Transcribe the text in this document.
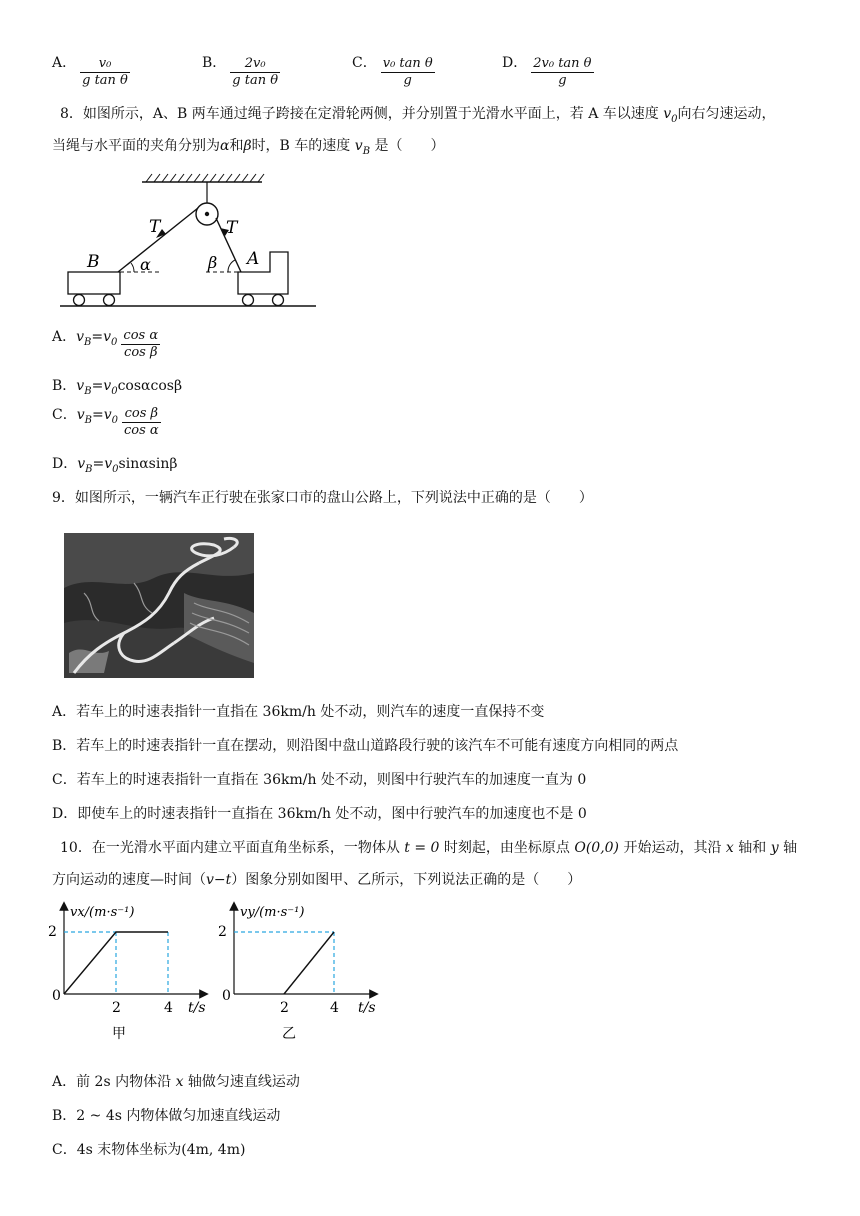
A． $\frac{\text{v₀}}{\text{g tan θ}}$	B． $\frac{\text{2v₀}}{\text{g tan θ}}$	C． $\frac{\text{v₀ tan θ}}{g}$	D． $\frac{\text{2v₀ tan θ}}{g}$
8．如图所示，A、B 两车通过绳子跨接在定滑轮两侧，并分别置于光滑水平面上，若 A 车以速度 $v_0$向右匀速运动，
当绳与水平面的夹角分别为α和β时，B 车的速度 $v_B$ 是（　　）
T	T
B	A
α	β
A．$v_B=v_0 \frac{\text{cos α}}{\text{cos β}}$
B．$v_B=v_0\cos\alpha\cos\beta$
C．$v_B=v_0 \frac{\text{cos β}}{\text{cos α}}$
D．$v_B=v_0\sin\alpha\sin\beta$
9．如图所示，一辆汽车正行驶在张家口市的盘山公路上，下列说法中正确的是（　　）
A．若车上的时速表指针一直指在 36km/h 处不动，则汽车的速度一直保持不变
B．若车上的时速表指针一直在摆动，则沿图中盘山道路段行驶的该汽车不可能有速度方向相同的两点
C．若车上的时速表指针一直指在 36km/h 处不动，则图中行驶汽车的加速度一直为 0
D．即使车上的时速表指针一直指在 36km/h 处不动，图中行驶汽车的加速度也不是 0
10．在一光滑水平面内建立平面直角坐标系，一物体从 t = 0 时刻起，由坐标原点 O(0,0) 开始运动，其沿 x 轴和 y 轴
方向运动的速度—时间（v−t）图象分别如图甲、乙所示，下列说法正确的是（　　）
vx/(m·s⁻¹)
2
0
2	4 t/s
甲
vy/(m·s⁻¹)
2
0
2	4 t/s
乙
A．前 2s 内物体沿 x 轴做匀速直线运动
B．2 ~ 4s 内物体做匀加速直线运动
C．4s 末物体坐标为(4m, 4m)
